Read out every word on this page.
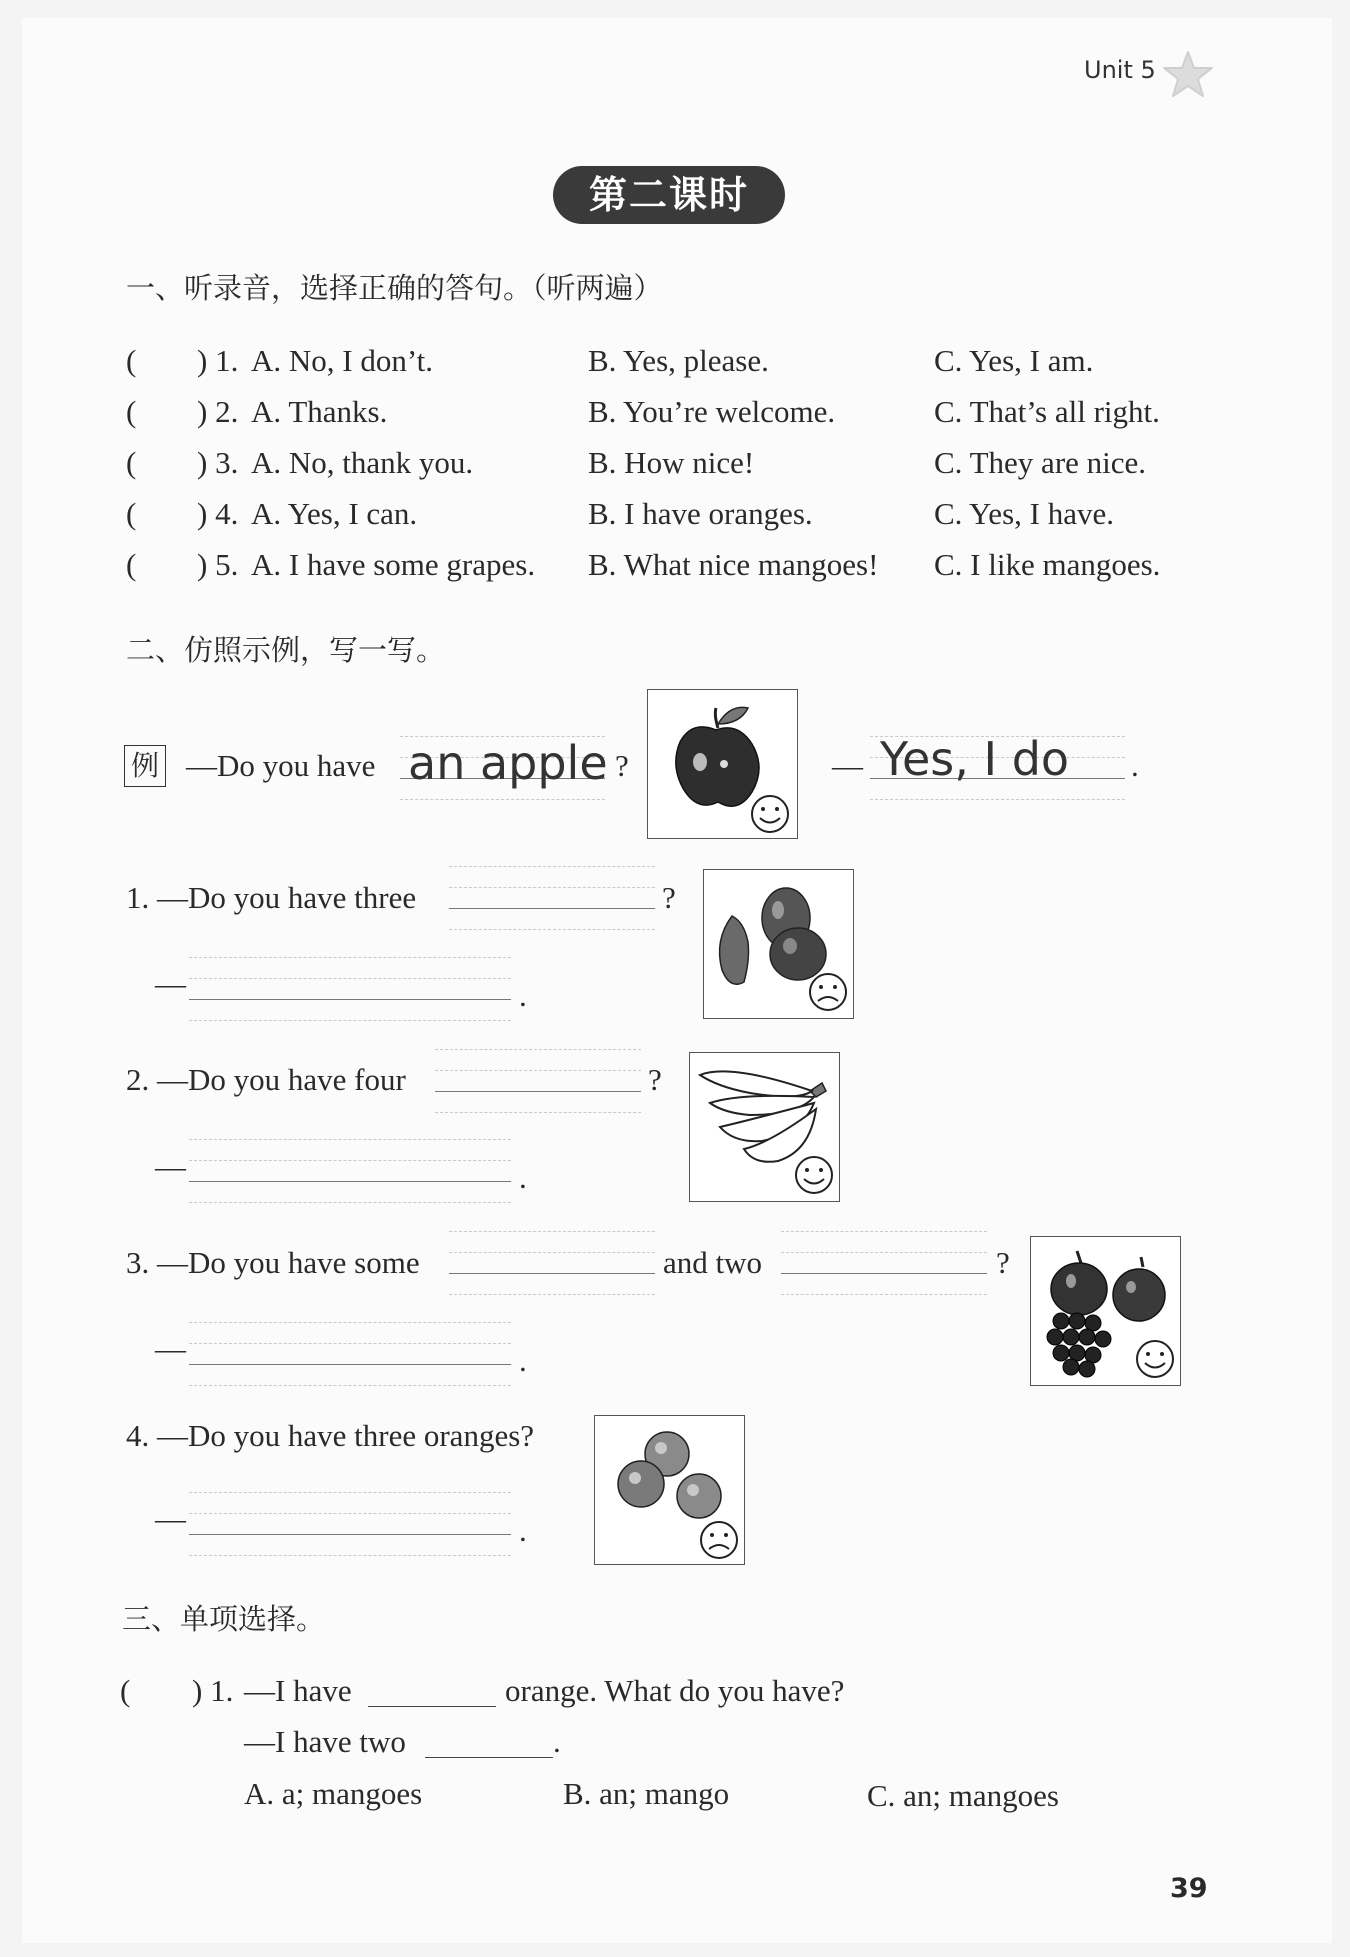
Unit 5
第二课时
一、听录音，选择正确的答句。（听两遍）
( ) 1. A. No, I don’t.	B. Yes, please.	C. Yes, I am.
( ) 2. A. Thanks.	B. You’re welcome.	C. That’s all right.
( ) 3. A. No, thank you.	B. How nice!	C. They are nice.
( ) 4. A. Yes, I can.	B. I have oranges.	C. Yes, I have.
( ) 5. A. I have some grapes. B. What nice mangoes! C. I like mangoes.
二、仿照示例，写一写。
例 —Do you have an apple ?	— Yes, I do .
1. —Do you have three	?
—	.
2. —Do you have four	?
—	.
3. —Do you have some	and two	?
—	.
4. —Do you have three oranges?
—	.
三、单项选择。
( ) 1. —I have	orange. What do you have?
—I have two	.
A. a; mangoes	B. an; mango	C. an; mangoes
39
